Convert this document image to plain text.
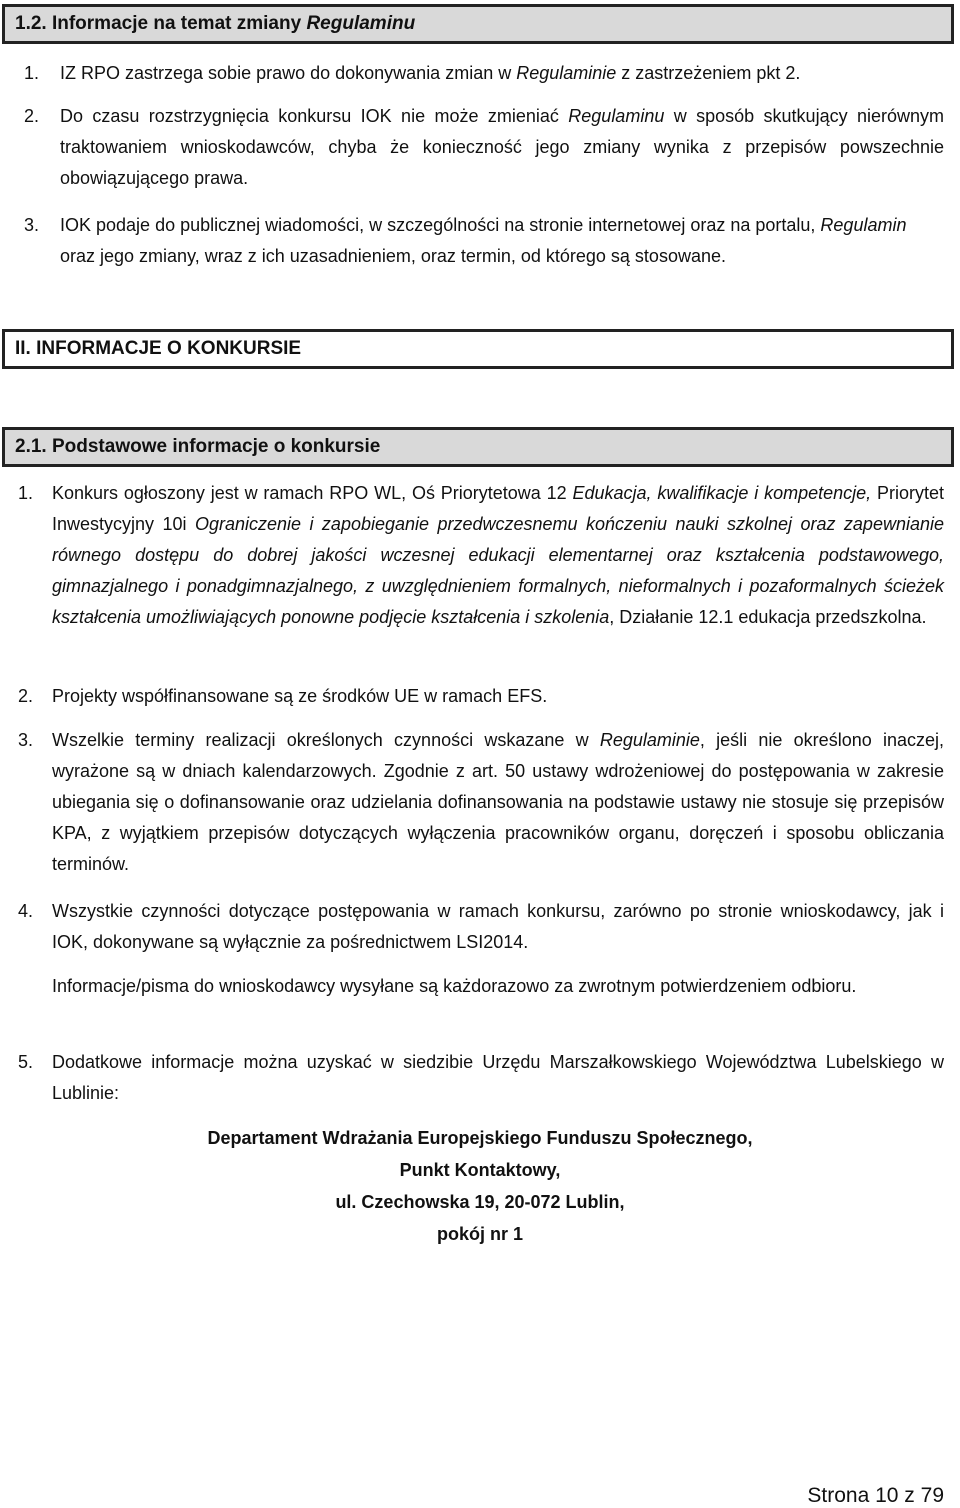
1.2. Informacje na temat zmiany Regulaminu
1. IZ RPO zastrzega sobie prawo do dokonywania zmian w Regulaminie z zastrzeżeniem pkt 2.

2. Do czasu rozstrzygnięcia konkursu IOK nie może zmieniać Regulaminu w sposób skutkujący nierównym traktowaniem wnioskodawców, chyba że konieczność jego zmiany wynika z przepisów powszechnie obowiązującego prawa.

3. IOK podaje do publicznej wiadomości, w szczególności na stronie internetowej oraz na portalu, Regulamin oraz jego zmiany, wraz z ich uzasadnieniem, oraz termin, od którego są stosowane.

II. INFORMACJE O KONKURSIE
2.1. Podstawowe informacje o konkursie
1. Konkurs ogłoszony jest w ramach RPO WL, Oś Priorytetowa 12 Edukacja, kwalifikacje i kompetencje, Priorytet Inwestycyjny 10i Ograniczenie i zapobieganie przedwczesnemu kończeniu nauki szkolnej oraz zapewnianie równego dostępu do dobrej jakości wczesnej edukacji elementarnej oraz kształcenia podstawowego, gimnazjalnego i ponadgimnazjalnego, z uwzględnieniem formalnych, nieformalnych i pozaformalnych ścieżek kształcenia umożliwiających ponowne podjęcie kształcenia i szkolenia, Działanie 12.1 edukacja przedszkolna.

2. Projekty współfinansowane są ze środków UE w ramach EFS.

3. Wszelkie terminy realizacji określonych czynności wskazane w Regulaminie, jeśli nie określono inaczej, wyrażone są w dniach kalendarzowych. Zgodnie z art. 50 ustawy wdrożeniowej do postępowania w zakresie ubiegania się o dofinansowanie oraz udzielania dofinansowania na podstawie ustawy nie stosuje się przepisów KPA, z wyjątkiem przepisów dotyczących wyłączenia pracowników organu, doręczeń i sposobu obliczania terminów.

4. Wszystkie czynności dotyczące postępowania w ramach konkursu, zarówno po stronie wnioskodawcy, jak i IOK, dokonywane są wyłącznie za pośrednictwem LSI2014.

Informacje/pisma do wnioskodawcy wysyłane są każdorazowo za zwrotnym potwierdzeniem odbioru.

5. Dodatkowe informacje można uzyskać w siedzibie Urzędu Marszałkowskiego Województwa Lubelskiego w Lublinie:

Departament Wdrażania Europejskiego Funduszu Społecznego,
Punkt Kontaktowy,
ul. Czechowska 19, 20-072 Lublin,
pokój nr 1
Strona 10 z 79
